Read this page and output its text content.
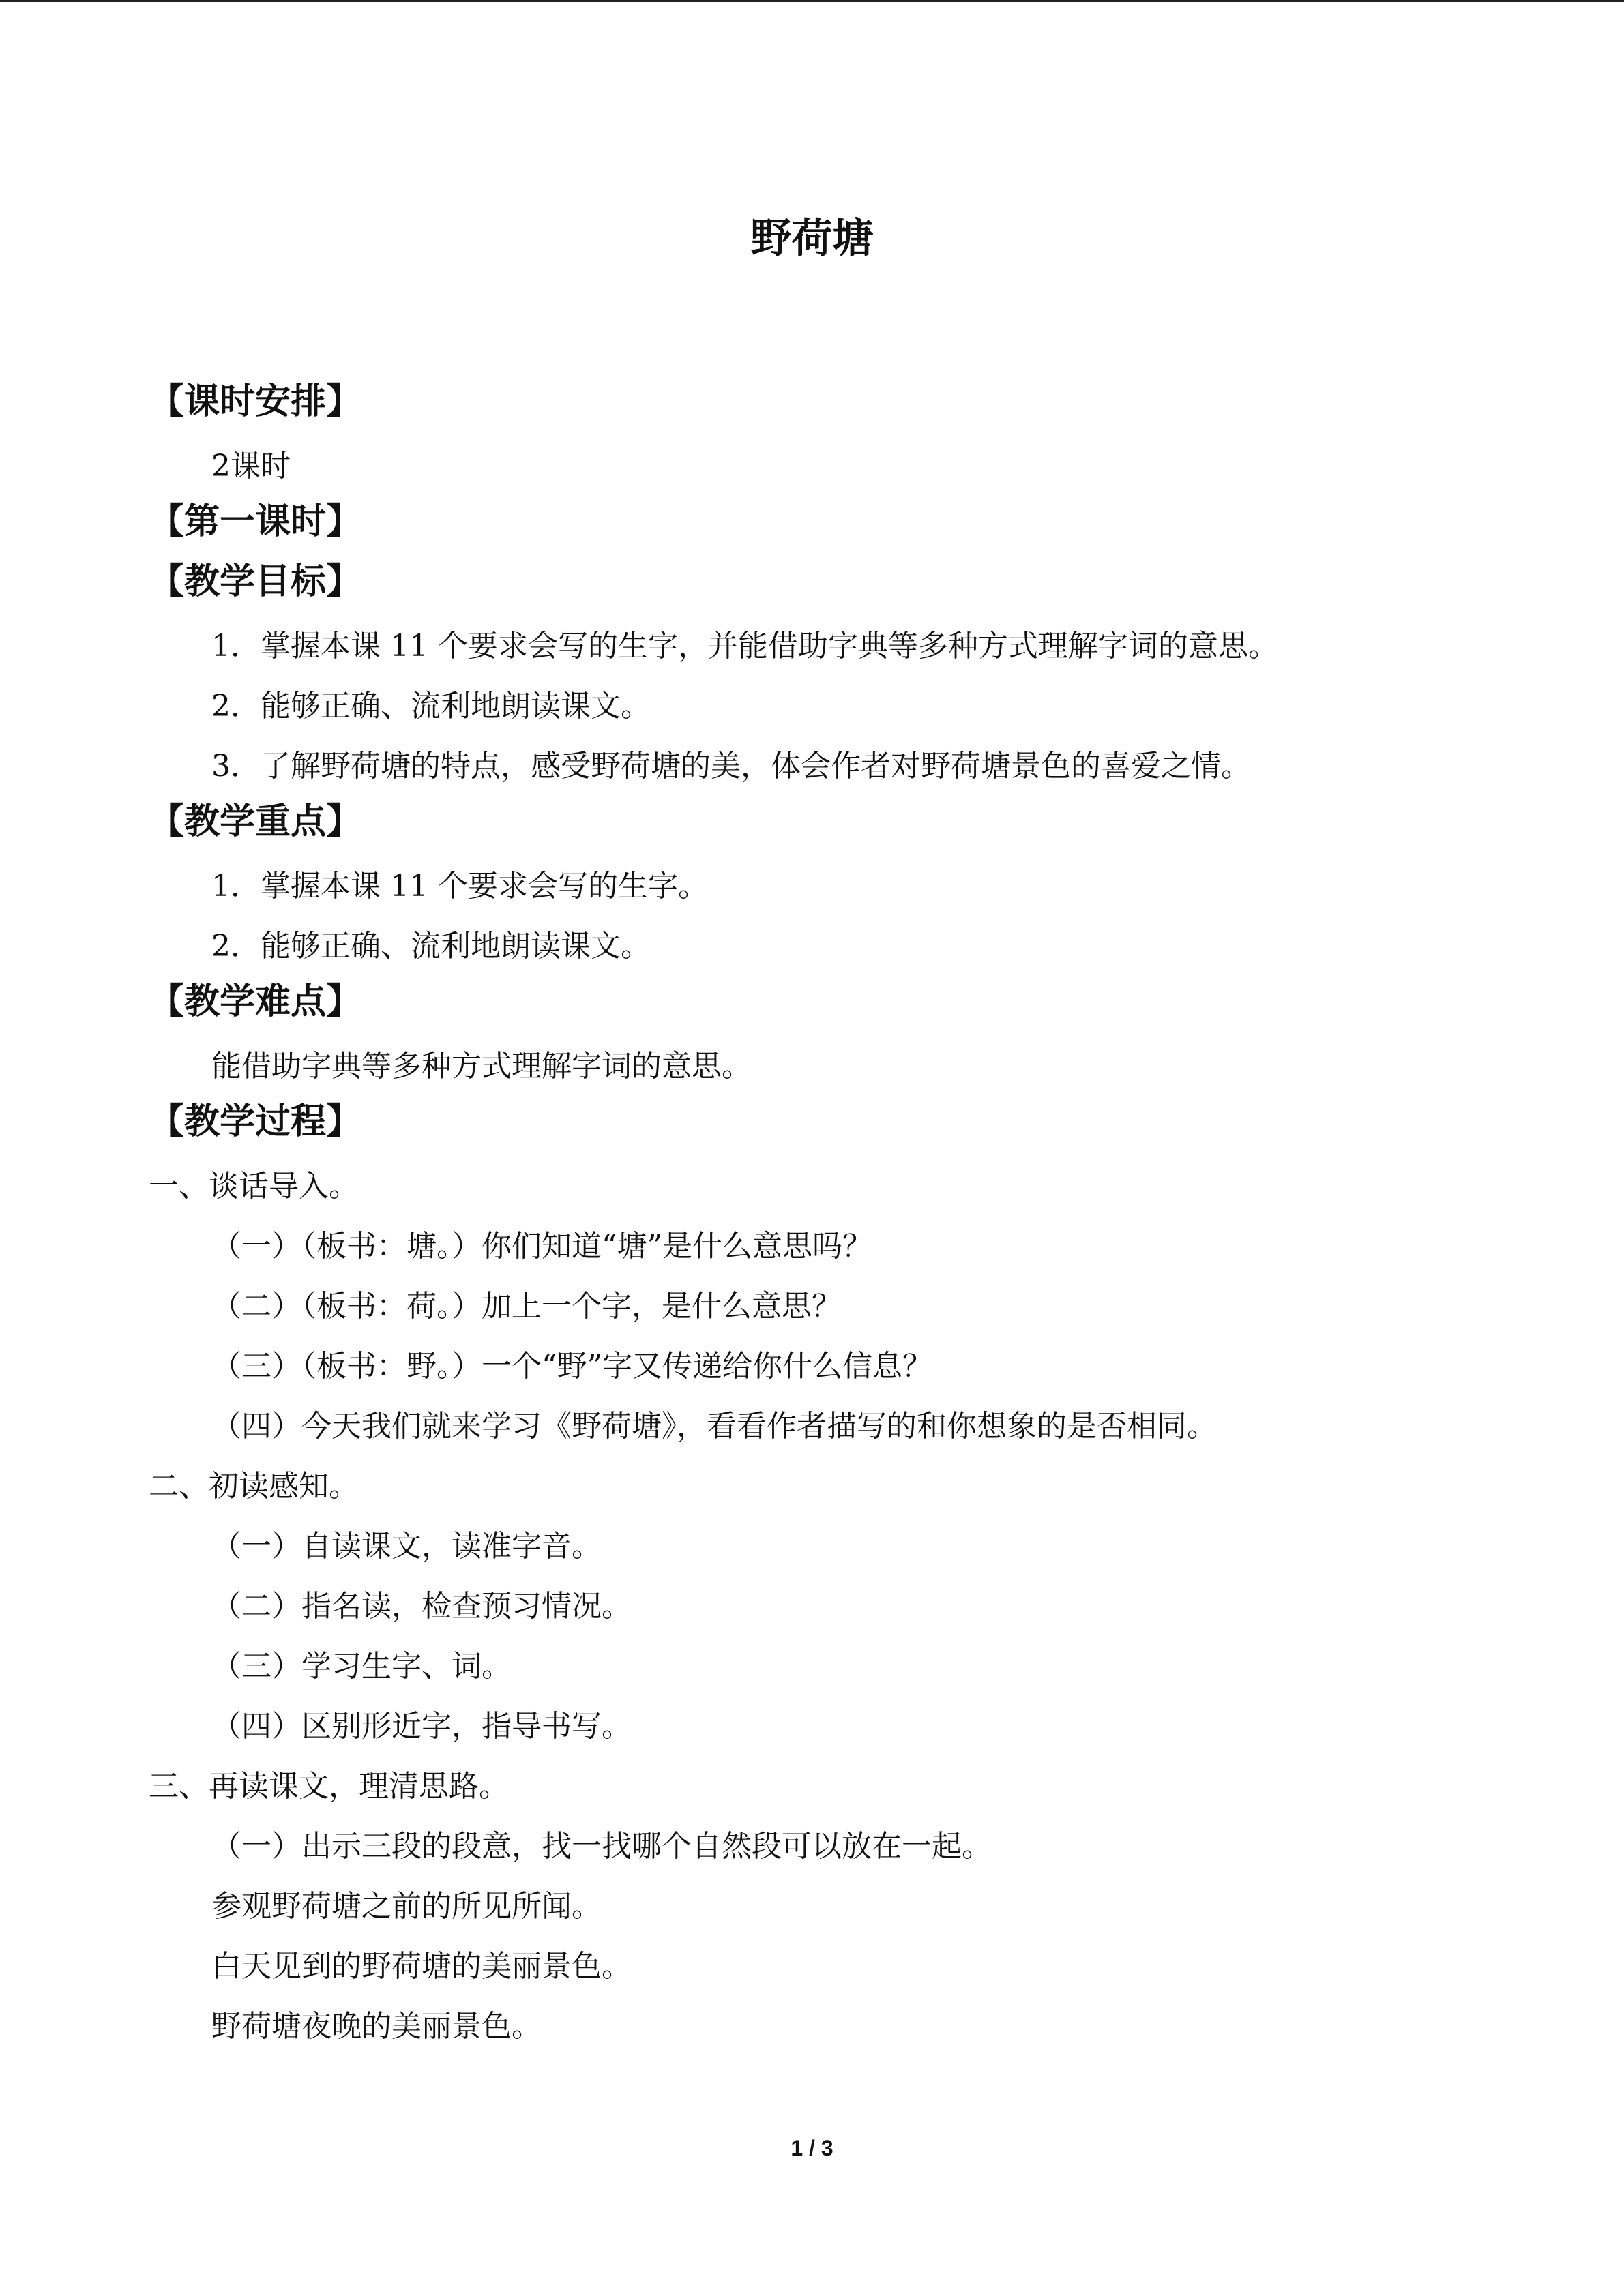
野荷塘
【课时安排】
2课时
【第一课时】
【教学目标】
1．掌握本课 11 个要求会写的生字，并能借助字典等多种方式理解字词的意思。
2．能够正确、流利地朗读课文。
3．了解野荷塘的特点，感受野荷塘的美，体会作者对野荷塘景色的喜爱之情。
【教学重点】
1．掌握本课 11 个要求会写的生字。
2．能够正确、流利地朗读课文。
【教学难点】
能借助字典等多种方式理解字词的意思。
【教学过程】
一、谈话导入。
（一）（板书：塘。）你们知道“塘”是什么意思吗？
（二）（板书：荷。）加上一个字，是什么意思？
（三）（板书：野。）一个“野”字又传递给你什么信息？
（四）今天我们就来学习《野荷塘》，看看作者描写的和你想象的是否相同。
二、初读感知。
（一）自读课文，读准字音。
（二）指名读，检查预习情况。
（三）学习生字、词。
（四）区别形近字，指导书写。
三、再读课文，理清思路。
（一）出示三段的段意，找一找哪个自然段可以放在一起。
参观野荷塘之前的所见所闻。
白天见到的野荷塘的美丽景色。
野荷塘夜晚的美丽景色。
1 / 3
